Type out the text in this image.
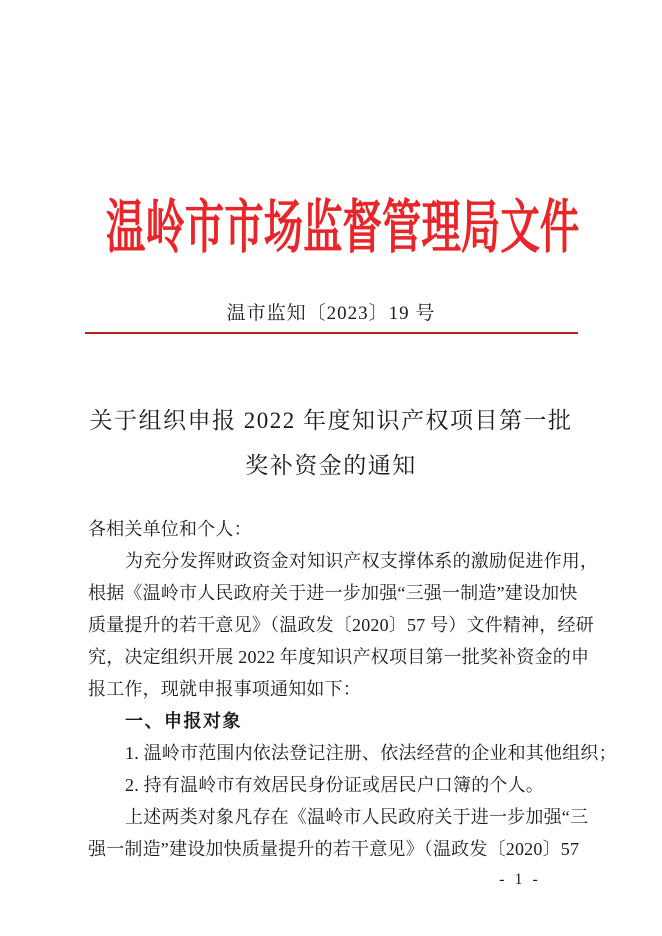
温岭市市场监督管理局文件
温市监知〔2023〕19 号
关于组织申报 2022 年度知识产权项目第一批
奖补资金的通知
各相关单位和个人：
为充分发挥财政资金对知识产权支撑体系的激励促进作用，
根据《温岭市人民政府关于进一步加强“三强一制造”建设加快
质量提升的若干意见》（温政发〔2020〕57 号）文件精神，经研
究，决定组织开展 2022 年度知识产权项目第一批奖补资金的申
报工作，现就申报事项通知如下：
一、申报对象
1. 温岭市范围内依法登记注册、依法经营的企业和其他组织；
2. 持有温岭市有效居民身份证或居民户口簿的个人。
上述两类对象凡存在《温岭市人民政府关于进一步加强“三
强一制造”建设加快质量提升的若干意见》（温政发〔2020〕57
- 1 -
